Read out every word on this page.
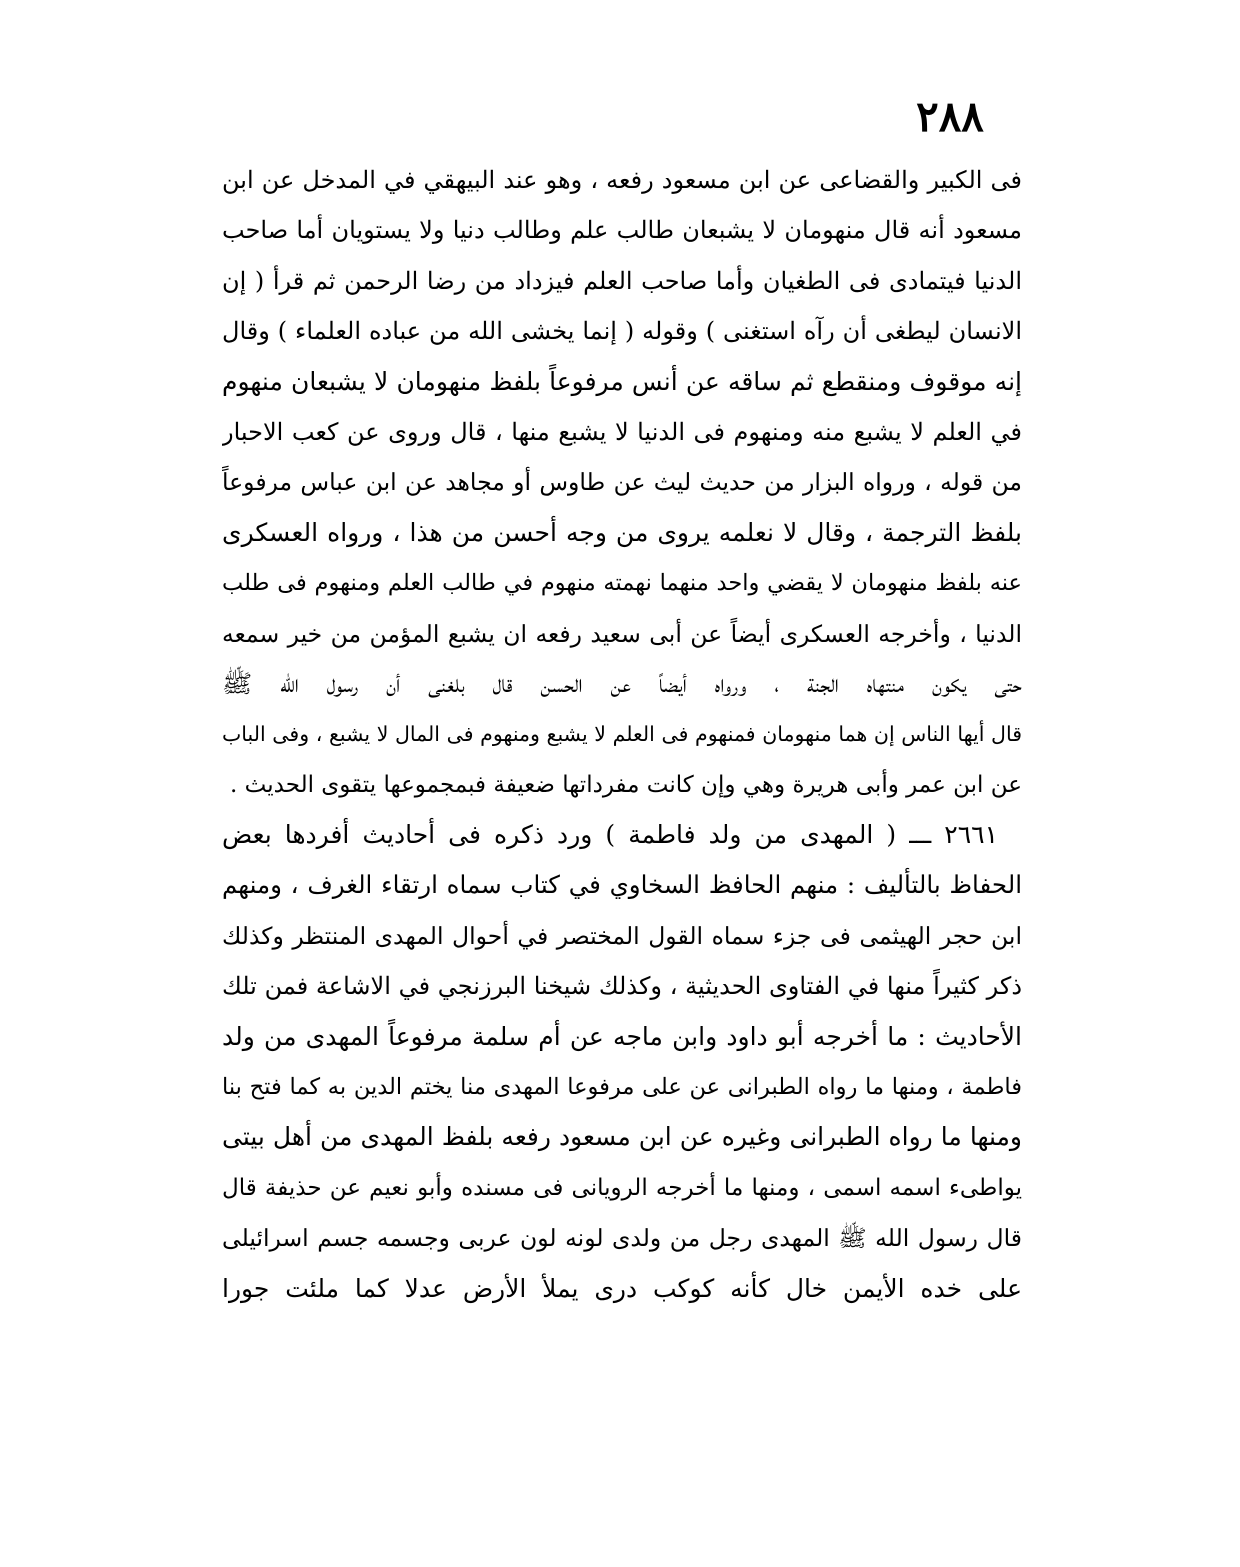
٢٨٨
فى الكبير والقضاعى عن ابن مسعود رفعه ، وهو عند البيهقي في المدخل عن ابن
مسعود أنه قال منهومان لا يشبعان طالب علم وطالب دنيا ولا يستويان أما صاحب
الدنيا فيتمادى فى الطغيان وأما صاحب العلم فيزداد من رضا الرحمن ثم قرأ ( إن
الانسان ليطغى أن رآه استغنى ) وقوله ( إنما يخشى الله من عباده العلماء ) وقال
إنه موقوف ومنقطع ثم ساقه عن أنس مرفوعاً بلفظ منهومان لا يشبعان منهوم
في العلم لا يشبع منه ومنهوم فى الدنيا لا يشبع منها ، قال وروى عن كعب الاحبار
من قوله ، ورواه البزار من حديث ليث عن طاوس أو مجاهد عن ابن عباس مرفوعاً
بلفظ الترجمة ، وقال لا نعلمه يروى من وجه أحسن من هذا ، ورواه العسكرى
عنه بلفظ منهومان لا يقضي واحد منهما نهمته منهوم في طالب العلم ومنهوم فى طلب
الدنيا ، وأخرجه العسكرى أيضاً عن أبى سعيد رفعه ان يشبع المؤمن من خير سمعه
حتى يكون منتهاه الجنة ، ورواه أيضاً عن الحسن قال بلغنى أن رسول الله ﷺ
قال أيها الناس إن هما منهومان فمنهوم فى العلم لا يشبع ومنهوم فى المال لا يشبع ، وفى الباب
عن ابن عمر وأبى هريرة وهي وإن كانت مفرداتها ضعيفة فبمجموعها يتقوى الحديث .
٢٦٦١ ـــ ( المهدى من ولد فاطمة ) ورد ذكره فى أحاديث أفردها بعض
الحفاظ بالتأليف : منهم الحافظ السخاوي في كتاب سماه ارتقاء الغرف ، ومنهم
ابن حجر الهيثمى فى جزء سماه القول المختصر في أحوال المهدى المنتظر وكذلك
ذكر كثيراً منها في الفتاوى الحديثية ، وكذلك شيخنا البرزنجي في الاشاعة فمن تلك
الأحاديث : ما أخرجه أبو داود وابن ماجه عن أم سلمة مرفوعاً المهدى من ولد
فاطمة ، ومنها ما رواه الطبرانى عن على مرفوعا المهدى منا يختم الدين به كما فتح بنا
ومنها ما رواه الطبرانى وغيره عن ابن مسعود رفعه بلفظ المهدى من أهل بيتى
يواطىء اسمه اسمى ، ومنها ما أخرجه الرويانى فى مسنده وأبو نعيم عن حذيفة قال
قال رسول الله ﷺ المهدى رجل من ولدى لونه لون عربى وجسمه جسم اسرائيلى
على خده الأيمن خال كأنه كوكب درى يملأ الأرض عدلا كما ملئت جورا
